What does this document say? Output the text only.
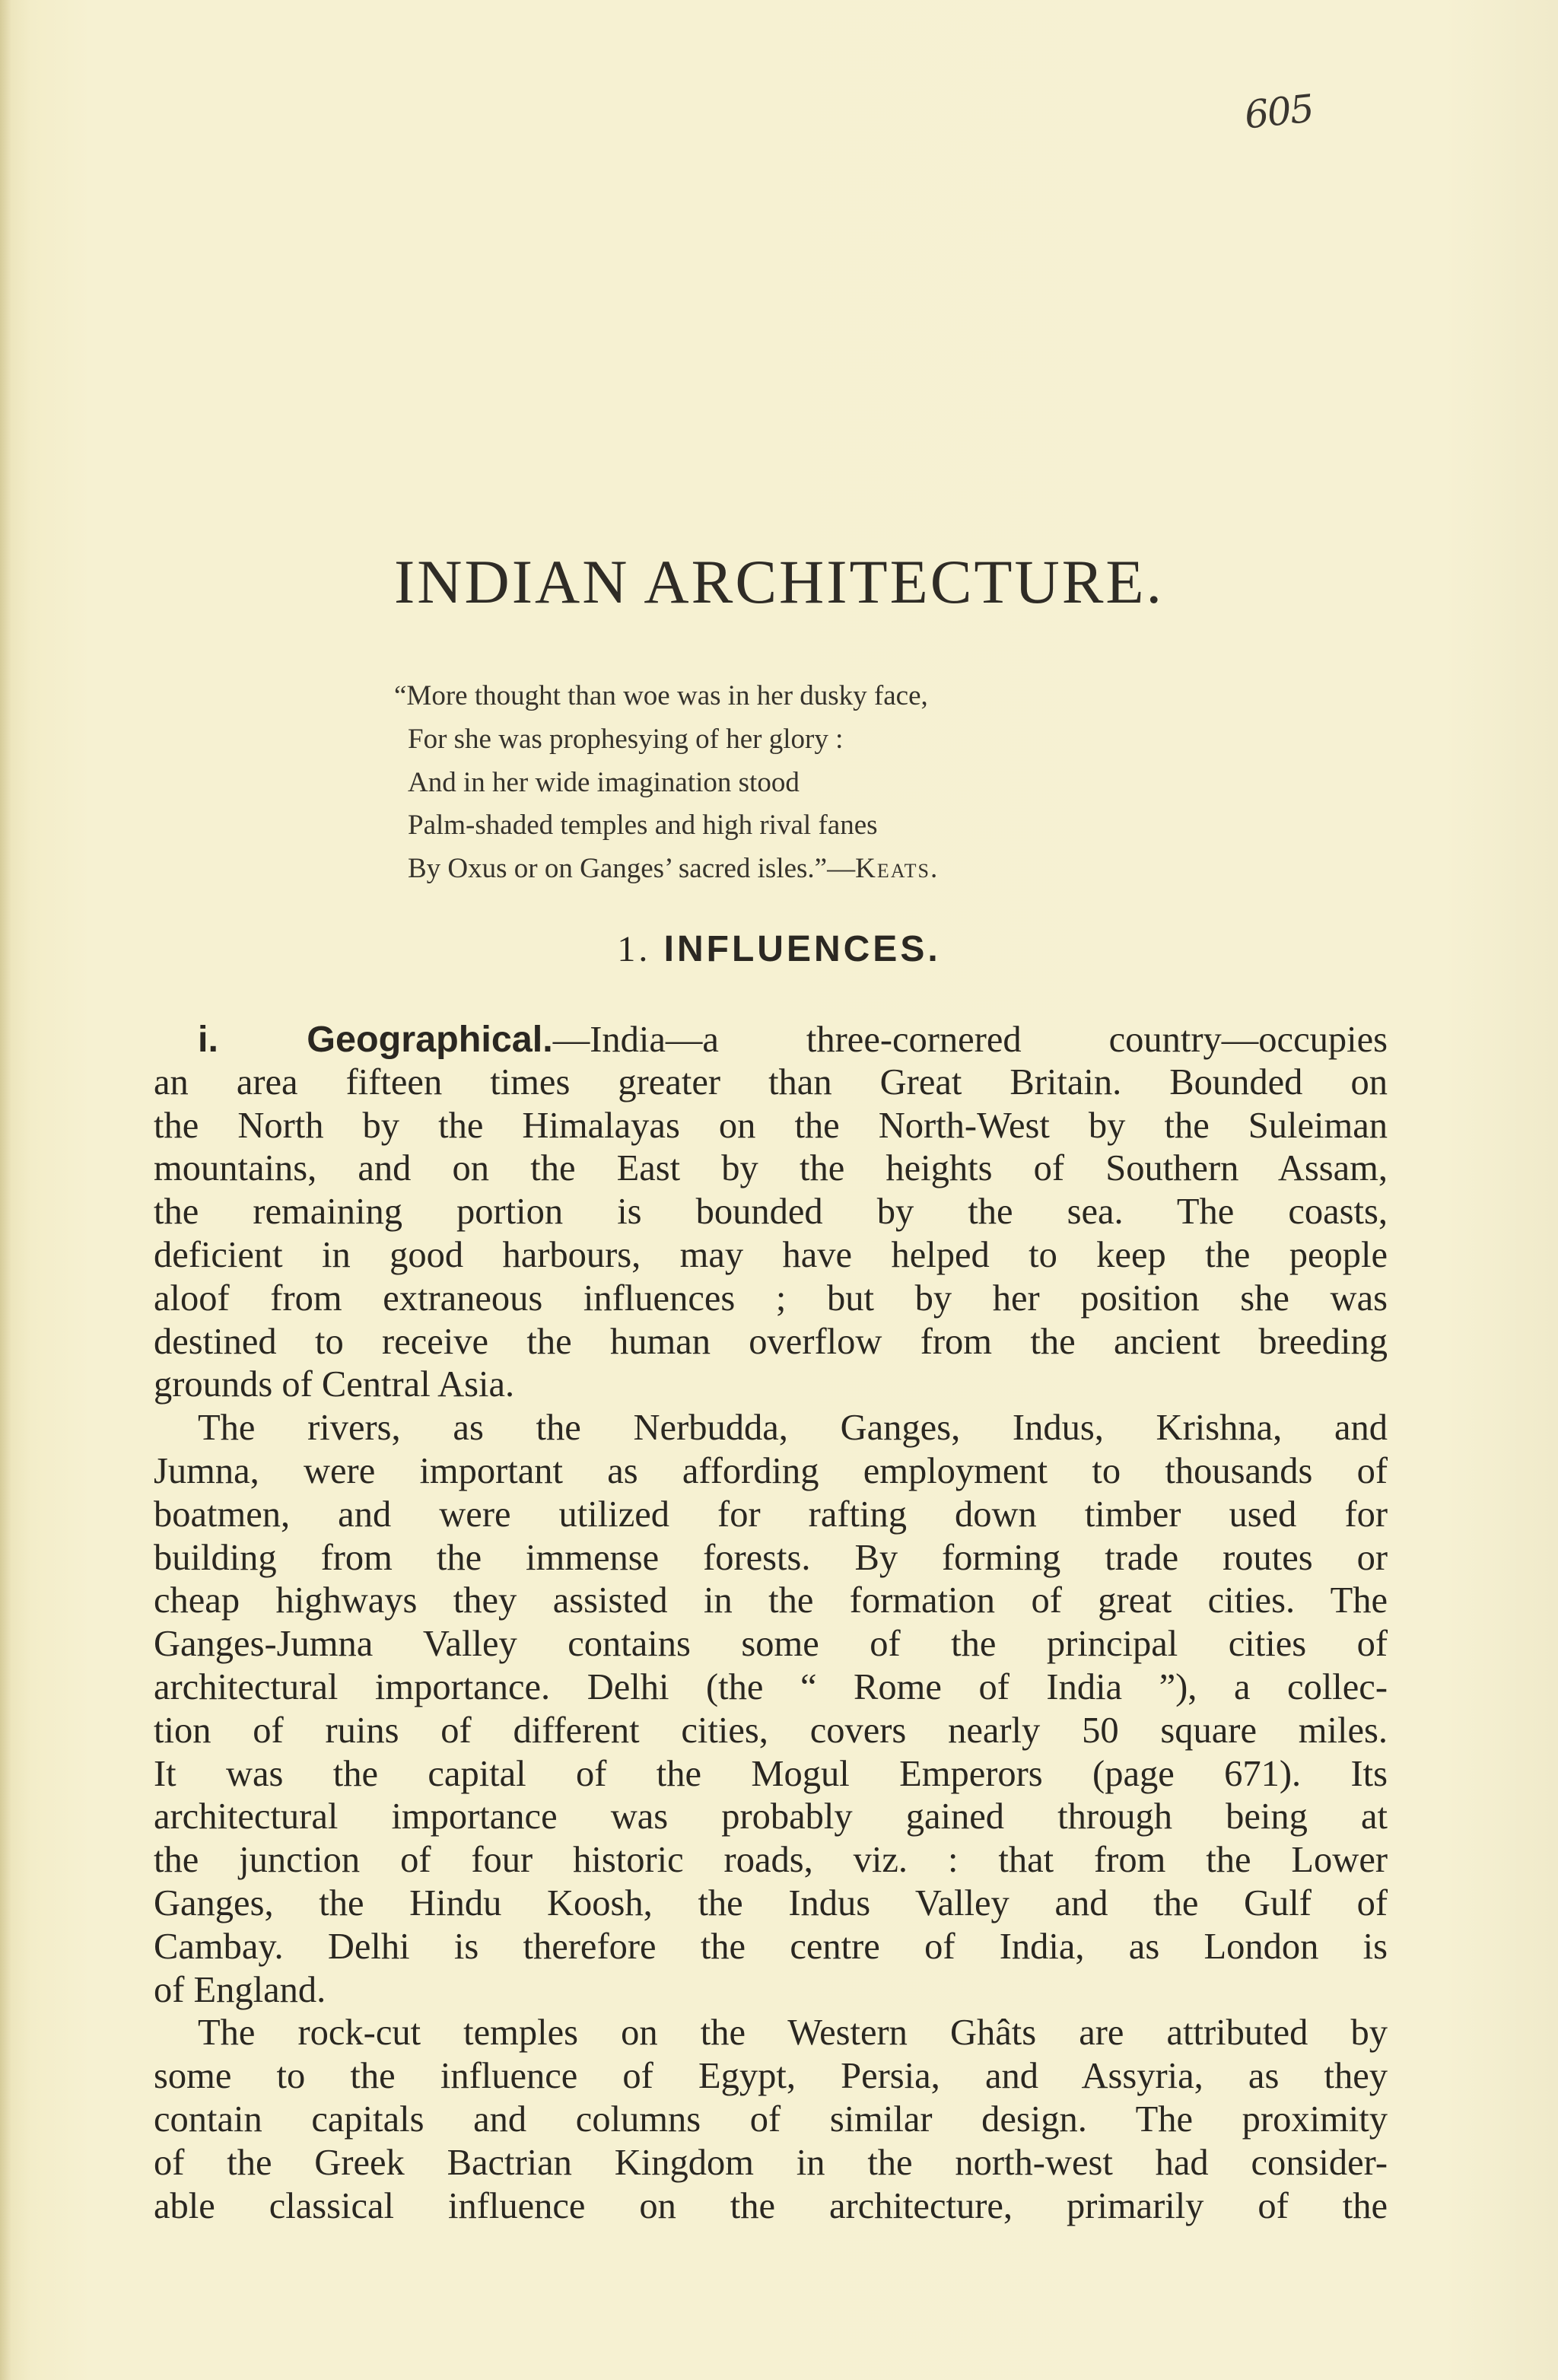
605
INDIAN ARCHITECTURE.
“More thought than woe was in her dusky face,
For she was prophesying of her glory :
And in her wide imagination stood
Palm-shaded temples and high rival fanes
By Oxus or on Ganges’ sacred isles.”—Keats.
1. INFLUENCES.
i. Geographical.—India—a three-cornered country—occupies
an area fifteen times greater than Great Britain. Bounded on
the North by the Himalayas on the North-West by the Suleiman
mountains, and on the East by the heights of Southern Assam,
the remaining portion is bounded by the sea. The coasts,
deficient in good harbours, may have helped to keep the people
aloof from extraneous influences ; but by her position she was
destined to receive the human overflow from the ancient breeding
grounds of Central Asia.
The rivers, as the Nerbudda, Ganges, Indus, Krishna, and
Jumna, were important as affording employment to thousands of
boatmen, and were utilized for rafting down timber used for
building from the immense forests. By forming trade routes or
cheap highways they assisted in the formation of great cities. The
Ganges-Jumna Valley contains some of the principal cities of
architectural importance. Delhi (the “ Rome of India ”), a collec-
tion of ruins of different cities, covers nearly 50 square miles.
It was the capital of the Mogul Emperors (page 671). Its
architectural importance was probably gained through being at
the junction of four historic roads, viz. : that from the Lower
Ganges, the Hindu Koosh, the Indus Valley and the Gulf of
Cambay. Delhi is therefore the centre of India, as London is
of England.
The rock-cut temples on the Western Ghâts are attributed by
some to the influence of Egypt, Persia, and Assyria, as they
contain capitals and columns of similar design. The proximity
of the Greek Bactrian Kingdom in the north-west had consider-
able classical influence on the architecture, primarily of the
